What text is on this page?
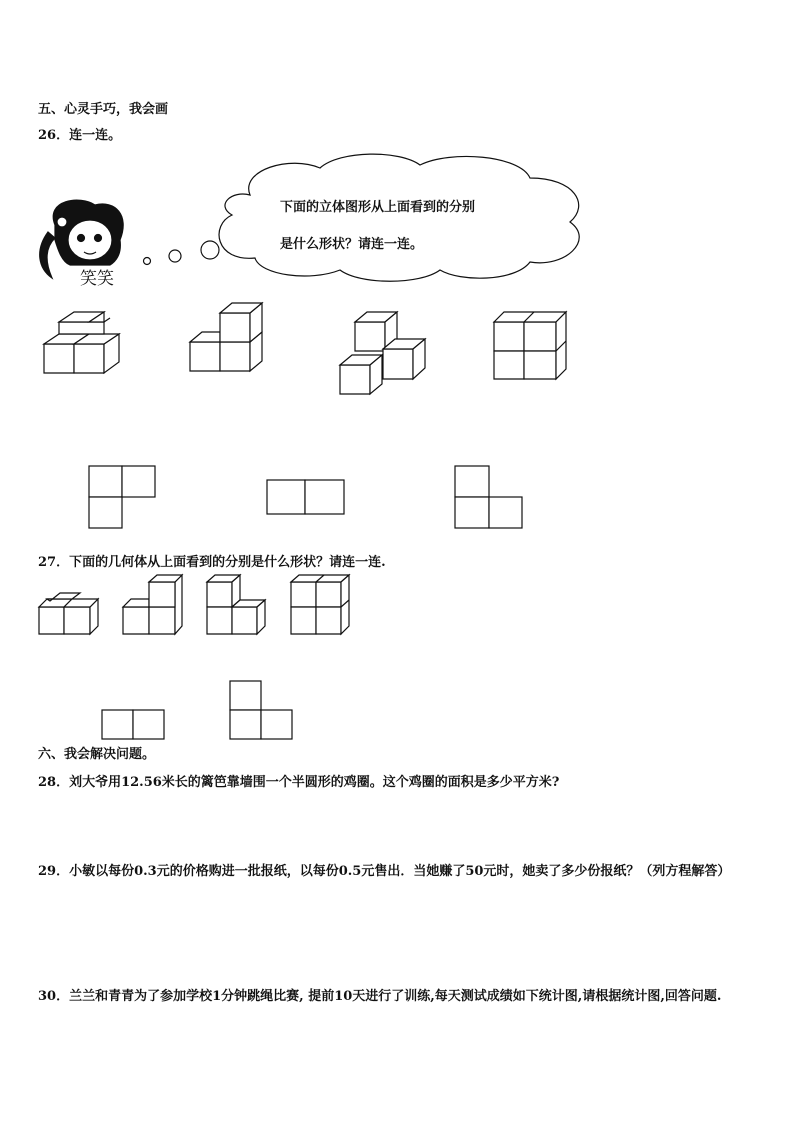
五、心灵手巧，我会画
26．连一连。
下面的立体图形从上面看到的分别
是什么形状？请连一连。
笑笑
27．下面的几何体从上面看到的分别是什么形状？请连一连.
六、我会解决问题。
28．刘大爷用12.56米长的篱笆靠墙围一个半圆形的鸡圈。这个鸡圈的面积是多少平方米?
29．小敏以每份0.3元的价格购进一批报纸，以每份0.5元售出．当她赚了50元时，她卖了多少份报纸？（列方程解答）
30．兰兰和青青为了参加学校1分钟跳绳比赛, 提前10天进行了训练,每天测试成绩如下统计图,请根据统计图,回答问题.
